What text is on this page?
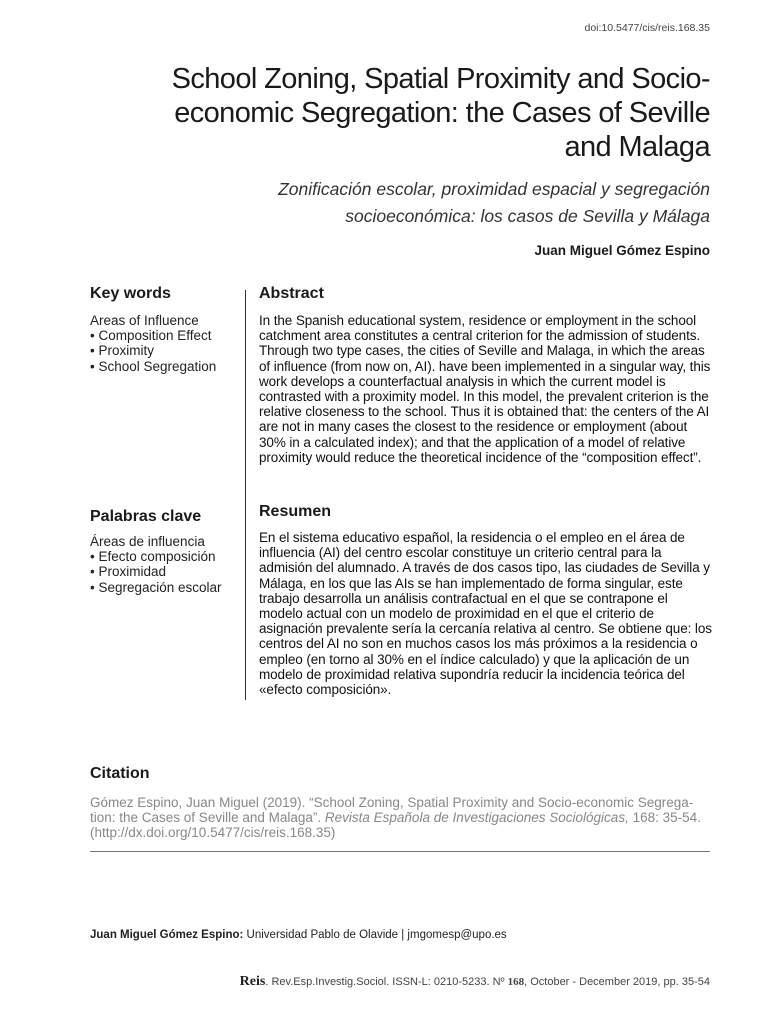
doi:10.5477/cis/reis.168.35
School Zoning, Spatial Proximity and Socio-economic Segregation: the Cases of Seville and Malaga

Zonificación escolar, proximidad espacial y segregación socioeconómica: los casos de Sevilla y Málaga

Juan Miguel Gómez Espino
Key words
Areas of Influence
• Composition Effect
• Proximity
• School Segregation
Abstract

In the Spanish educational system, residence or employment in the school catchment area constitutes a central criterion for the admission of students. Through two type cases, the cities of Seville and Malaga, in which the areas of influence (from now on, AI). have been implemented in a singular way, this work develops a counterfactual analysis in which the current model is contrasted with a proximity model. In this model, the prevalent criterion is the relative closeness to the school. Thus it is obtained that: the centers of the AI are not in many cases the closest to the residence or employment (about 30% in a calculated index); and that the application of a model of relative proximity would reduce the theoretical incidence of the “composition effect”.

Palabras clave
Áreas de influencia
• Efecto composición
• Proximidad
• Segregación escolar
Resumen

En el sistema educativo español, la residencia o el empleo en el área de influencia (AI) del centro escolar constituye un criterio central para la admisión del alumnado. A través de dos casos tipo, las ciudades de Sevilla y Málaga, en los que las AIs se han implementado de forma singular, este trabajo desarrolla un análisis contrafactual en el que se contrapone el modelo actual con un modelo de proximidad en el que el criterio de asignación prevalente sería la cercanía relativa al centro. Se obtiene que: los centros del AI no son en muchos casos los más próximos a la residencia o empleo (en torno al 30% en el índice calculado) y que la aplicación de un modelo de proximidad relativa supondría reducir la incidencia teórica del «efecto composición».

Citation

Gómez Espino, Juan Miguel (2019). “School Zoning, Spatial Proximity and Socio-economic Segrega-tion: the Cases of Seville and Malaga”. Revista Española de Investigaciones Sociológicas, 168: 35-54. (http://dx.doi.org/10.5477/cis/reis.168.35)

Juan Miguel Gómez Espino: Universidad Pablo de Olavide | jmgomesp@upo.es
Reis. Rev.Esp.Investig.Sociol. ISSN-L: 0210-5233. Nº 168, October - December 2019, pp. 35-54
